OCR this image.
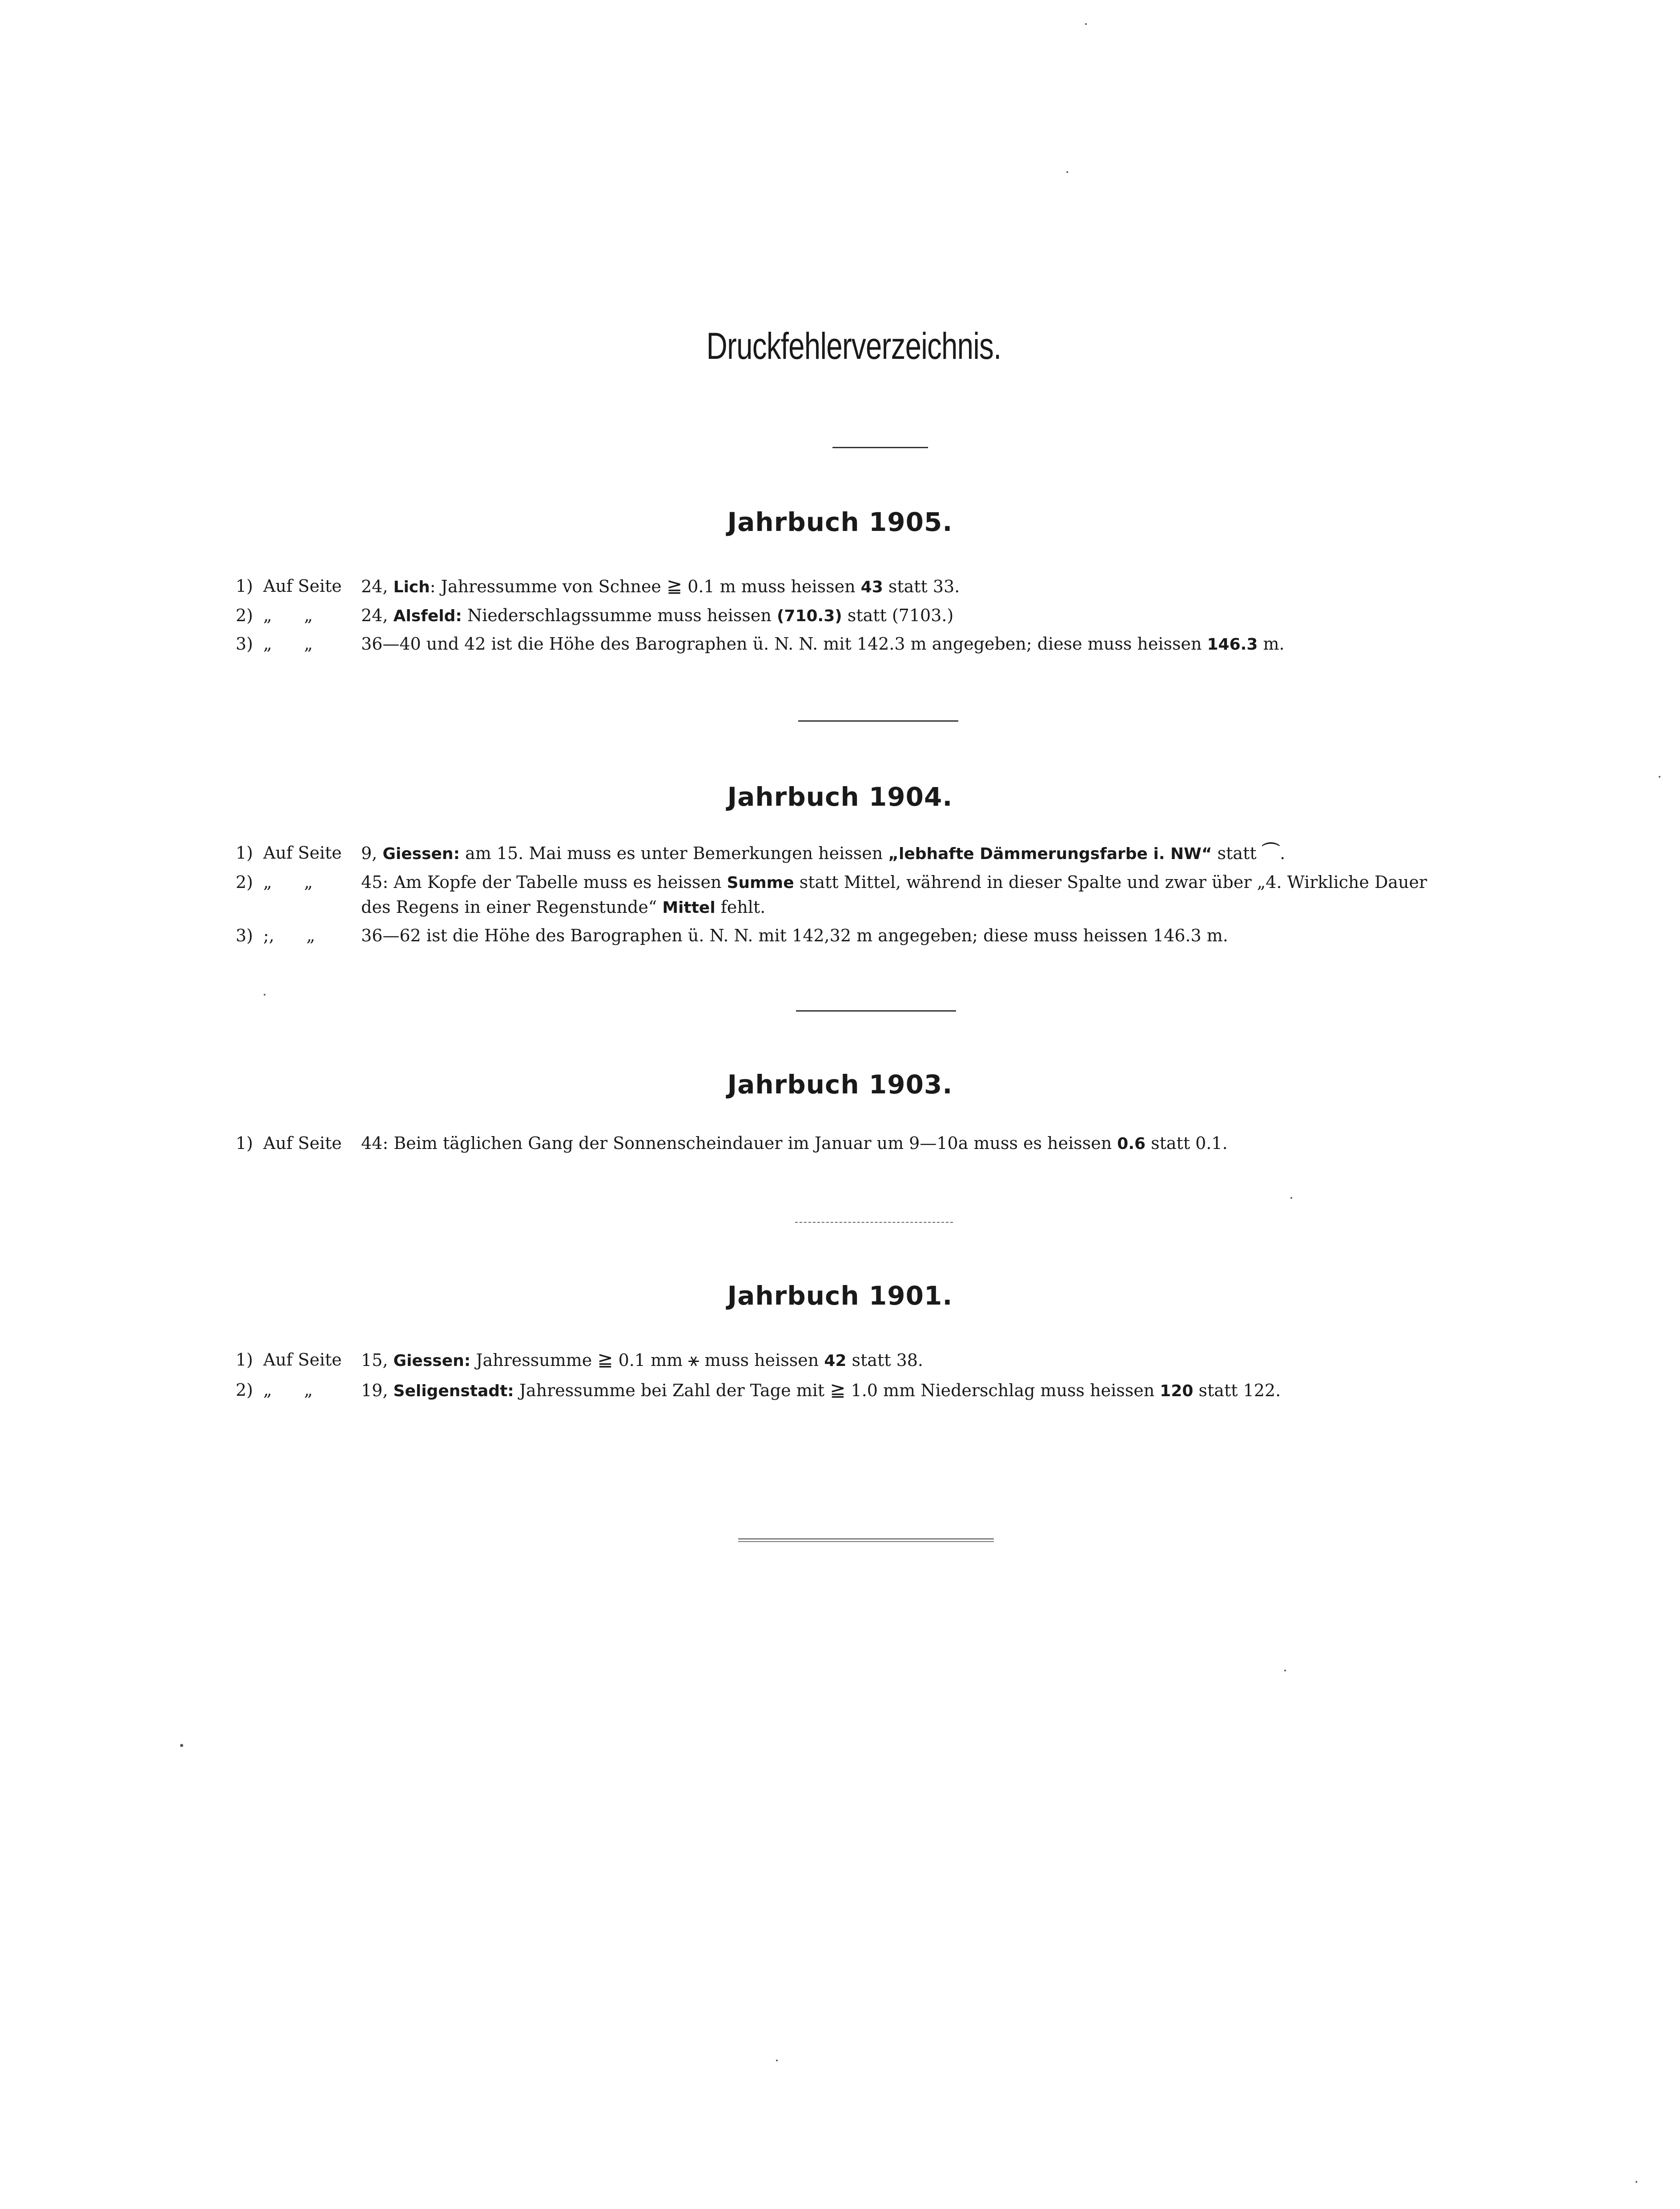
Druckfehlerverzeichnis.
Jahrbuch 1905.
1) Auf Seite	24, Lich: Jahressumme von Schnee ≧ 0.1 m muss heissen 43 statt 33.
2) „ „	24, Alsfeld: Niederschlagssumme muss heissen (710.3) statt (7103.)
3) „ „	36—40 und 42 ist die Höhe des Barographen ü. N. N. mit 142.3 m angegeben; diese muss heissen 146.3 m.
Jahrbuch 1904.
1) Auf Seite	9, Giessen: am 15. Mai muss es unter Bemerkungen heissen „lebhafte Dämmerungsfarbe i. NW“ statt ⏜.
2) „ „	45: Am Kopfe der Tabelle muss es heissen Summe statt Mittel, während in dieser Spalte und zwar über „4. Wirkliche Dauer
des Regens in einer Regenstunde“ Mittel fehlt.
3) ;, „	36—62 ist die Höhe des Barographen ü. N. N. mit 142,32 m angegeben; diese muss heissen 146.3 m.
Jahrbuch 1903.
1) Auf Seite	44: Beim täglichen Gang der Sonnenscheindauer im Januar um 9—10a muss es heissen 0.6 statt 0.1.
Jahrbuch 1901.
1) Auf Seite	15, Giessen: Jahressumme ≧ 0.1 mm ⚹ muss heissen 42 statt 38.
2) „ „	19, Seligenstadt: Jahressumme bei Zahl der Tage mit ≧ 1.0 mm Niederschlag muss heissen 120 statt 122.
